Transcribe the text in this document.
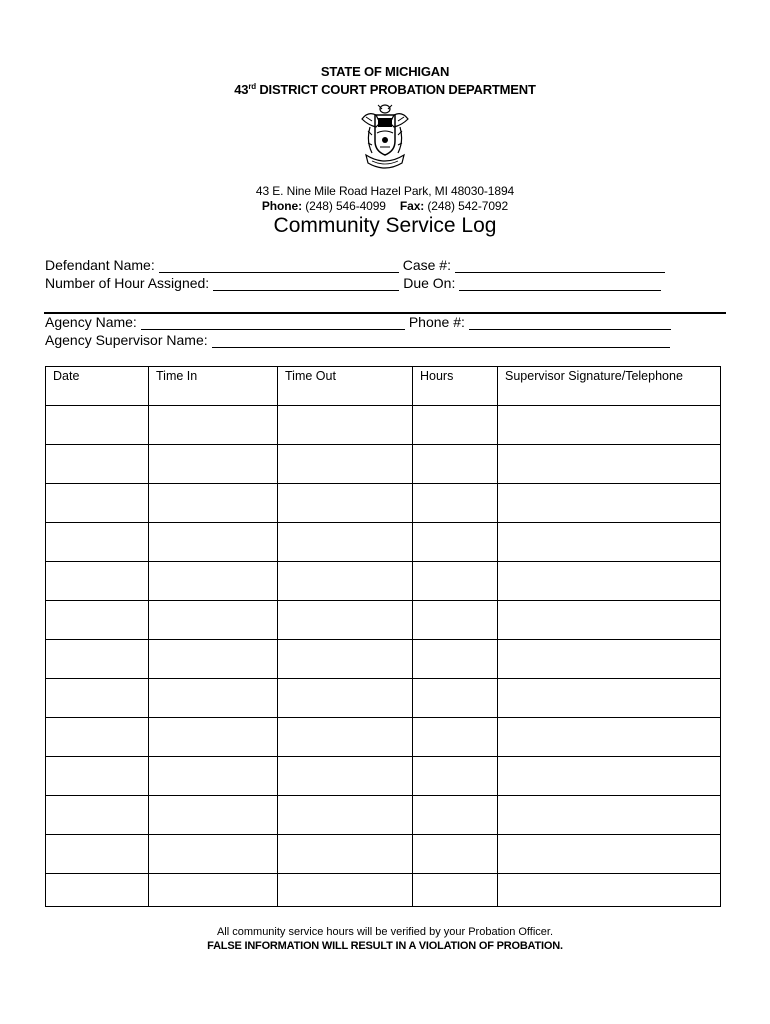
STATE OF MICHIGAN
43rd DISTRICT COURT PROBATION DEPARTMENT
43 E. Nine Mile Road Hazel Park, MI 48030-1894
Phone: (248) 546-4099 Fax: (248) 542-7092
Community Service Log
Defendant Name:	Case #:
Number of Hour Assigned:	Due On:
Agency Name:	Phone #:
Agency Supervisor Name:
Date	Time In	Time Out	Hours	Supervisor Signature/Telephone

All community service hours will be verified by your Probation Officer.
FALSE INFORMATION WILL RESULT IN A VIOLATION OF PROBATION.
